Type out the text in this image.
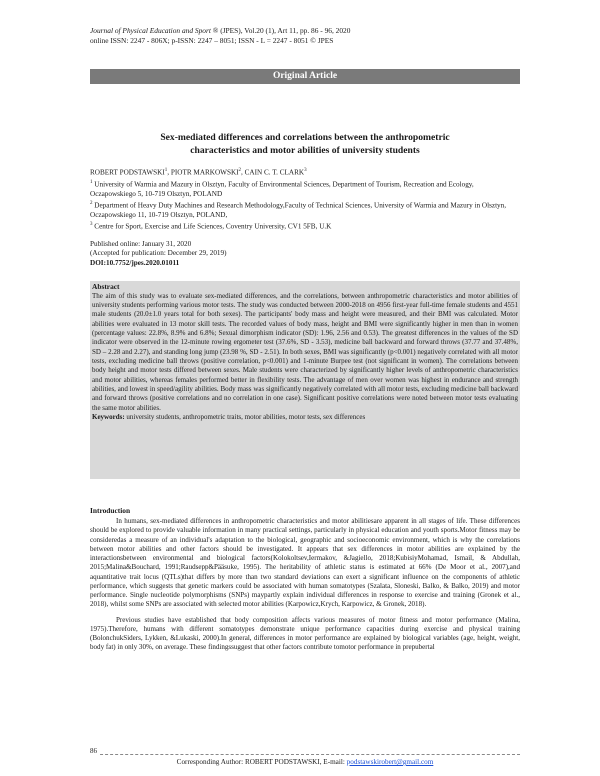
Journal of Physical Education and Sport ® (JPES), Vol.20 (1), Art 11, pp. 86 - 96, 2020
online ISSN: 2247 - 806X; p-ISSN: 2247 – 8051; ISSN - L = 2247 - 8051 © JPES
Original Article
Sex-mediated differences and correlations between the anthropometric
characteristics and motor abilities of university students
ROBERT PODSTAWSKI$^1$, PIOTR MARKOWSKI$^2$, CAIN C. T. CLARK$^3$
$^1$ University of Warmia and Mazury in Olsztyn, Faculty of Environmental Sciences, Department of Tourism, Recreation and Ecology, Oczapowskiego 5, 10-719 Olsztyn, POLAND
$^2$ Department of Heavy Duty Machines and Research Methodology,Faculty of Technical Sciences, University of Warmia and Mazury in Olsztyn, Oczapowskiego 11, 10-719 Olsztyn, POLAND,
$^3$ Centre for Sport, Exercise and Life Sciences, Coventry University, CV1 5FB, U.K
Published online: January 31, 2020
(Accepted for publication: December 29, 2019)
DOI:10.7752/jpes.2020.01011
Abstract
The aim of this study was to evaluate sex-mediated differences, and the correlations, between anthropometric characteristics and motor abilities of university students performing various motor tests. The study was conducted between 2000-2018 on 4956 first-year full-time female students and 4551 male students (20.0±1.0 years total for both sexes). The participants' body mass and height were measured, and their BMI was calculated. Motor abilities were evaluated in 13 motor skill tests. The recorded values of body mass, height and BMI were significantly higher in men than in women (percentage values: 22.8%, 8.9% and 6.8%; Sexual dimorphism indicator (SD): 1.96, 2.56 and 0.53). The greatest differences in the values of the SD indicator were observed in the 12-minute rowing ergometer test (37.6%, SD - 3.53), medicine ball backward and forward throws (37.77 and 37.48%, SD – 2.28 and 2.27), and standing long jump (23.98 %, SD - 2.51). In both sexes, BMI was significantly (p<0.001) negatively correlated with all motor tests, excluding medicine ball throws (positive correlation, p<0.001) and 1-minute Burpee test (not significant in women). The correlations between body height and motor tests differed between sexes. Male students were characterized by significantly higher levels of anthropometric characteristics and motor abilities, whereas females performed better in flexibility tests. The advantage of men over women was highest in endurance and strength abilities, and lowest in speed/agility abilities. Body mass was significantly negatively correlated with all motor tests, excluding medicine ball backward and forward throws (positive correlations and no correlation in one case). Significant positive correlations were noted between motor tests evaluating the same motor abilities.
Keywords: university students, anthropometric traits, motor abilities, motor tests, sex differences
Introduction

In humans, sex-mediated differences in anthropometric characteristics and motor abilitiesare apparent in all stages of life. These differences should be explored to provide valuable information in many practical settings, particularly in physical education and youth sports.Motor fitness may be consideredas a measure of an individual's adaptation to the biological, geographic and socioeconomic environment, which is why the correlations between motor abilities and other factors should be investigated. It appears that sex differences in motor abilities are explained by the interactionsbetween environmental and biological factors(Kolokoltsev,Iermakov, &Jagiello, 2018;KubisiyMohamad, Ismail, & Abdullah, 2015;Malina&Bouchard, 1991;Raudsepp&Pääsuke, 1995). The heritability of athletic status is estimated at 66% (De Moor et al., 2007),and aquantitative trait locus (QTLs)that differs by more than two standard deviations can exert a significant influence on the components of athletic performance, which suggests that genetic markers could be associated with human somatotypes (Szalata, Sloneski, Balko, & Balko, 2019) and motor performance. Single nucleotide polymorphisms (SNPs) maypartly explain individual differences in response to exercise and training (Gronek et al., 2018), whilst some SNPs are associated with selected motor abilities (Karpowicz,Krych, Karpowicz, & Gronek, 2018).

Previous studies have established that body composition affects various measures of motor fitness and motor performance (Malina, 1975).Therefore, humans with different somatotypes demonstrate unique performance capacities during exercise and physical training (BolonchukSiders, Lykken, &Lukaski, 2000).In general, differences in motor performance are explained by biological variables (age, height, weight, body fat) in only 30%, on average. These findingssuggest that other factors contribute tomotor performance in prepubertal

86
Corresponding Author: ROBERT PODSTAWSKI, E-mail: podstawskirobert@gmail.com
